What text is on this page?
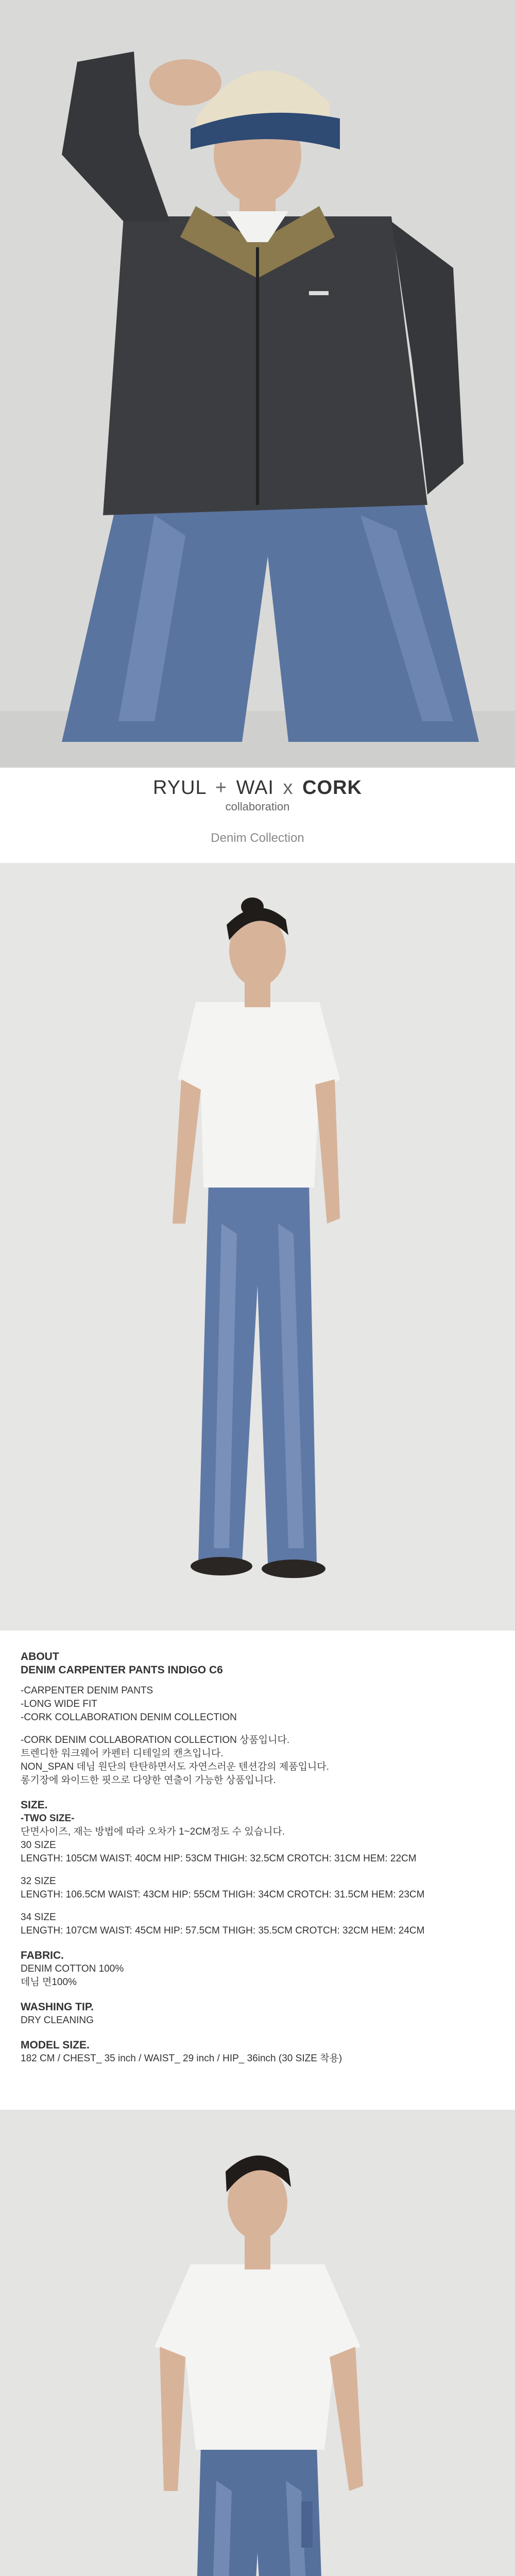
RYUL + WAI x CORK
collaboration
Denim Collection
ABOUT
DENIM CARPENTER PANTS INDIGO C6

-CARPENTER DENIM PANTS

-LONG WIDE FIT

-CORK COLLABORATION DENIM COLLECTION

-CORK DENIM COLLABORATION COLLECTION 상품입니다.

트렌디한 워크웨어 카펜터 디테일의 캔츠입니다.

NON_SPAN 데님 원단의 탄탄하면서도 자연스러운 텐션감의 제품입니다.

롱기장에 와이드한 핏으로 다양한 연출이 가능한 상품입니다.

SIZE.

-TWO SIZE-

단면사이즈, 재는 방법에 따라 오차가 1~2CM정도 수 있습니다.

30 SIZE

LENGTH: 105CM WAIST: 40CM HIP: 53CM THIGH: 32.5CM CROTCH: 31CM HEM: 22CM

32 SIZE

LENGTH: 106.5CM WAIST: 43CM HIP: 55CM THIGH: 34CM CROTCH: 31.5CM HEM: 23CM

34 SIZE

LENGTH: 107CM WAIST: 45CM HIP: 57.5CM THIGH: 35.5CM CROTCH: 32CM HEM: 24CM

FABRIC.

DENIM COTTON 100%

데님 면100%

WASHING TIP.

DRY CLEANING

MODEL SIZE.

182 CM / CHEST_ 35 inch / WAIST_ 29 inch / HIP_ 36inch (30 SIZE 착용)
